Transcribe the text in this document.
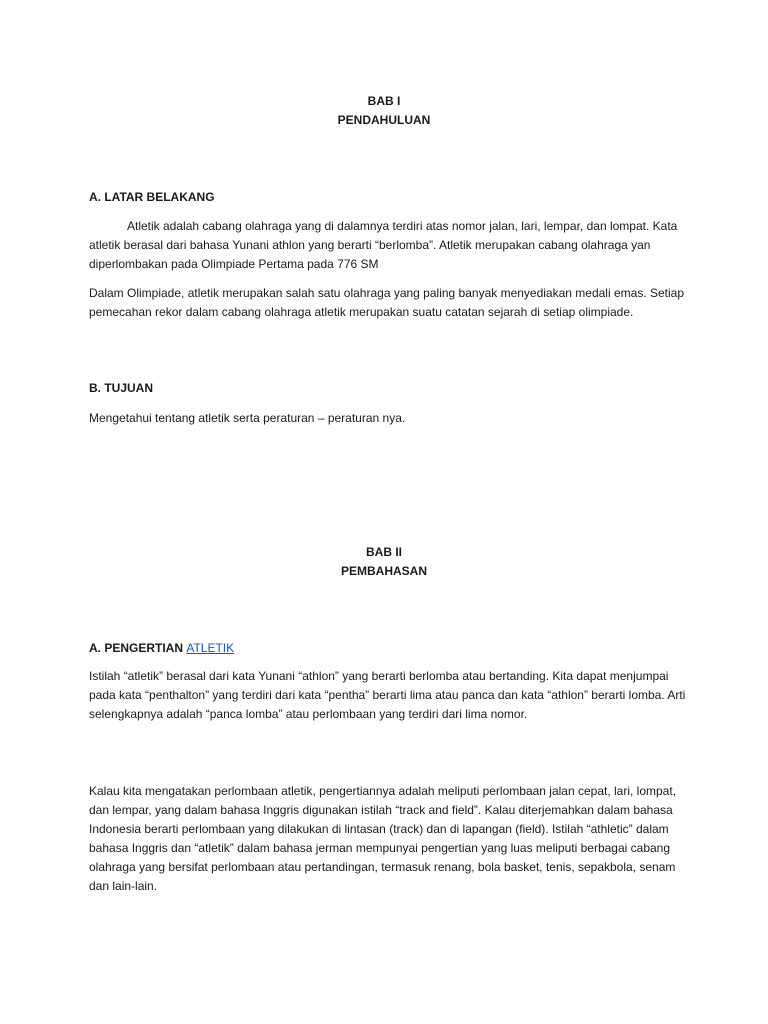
BAB I
PENDAHULUAN
A. LATAR BELAKANG

Atletik adalah cabang olahraga yang di dalamnya terdiri atas nomor jalan, lari, lempar, dan lompat. Kata atletik berasal dari bahasa Yunani athlon yang berarti “berlomba”. Atletik merupakan cabang olahraga yan diperlombakan pada Olimpiade Pertama pada 776 SM

Dalam Olimpiade, atletik merupakan salah satu olahraga yang paling banyak menyediakan medali emas. Setiap pemecahan rekor dalam cabang olahraga atletik merupakan suatu catatan sejarah di setiap olimpiade.

B. TUJUAN

Mengetahui tentang atletik serta peraturan – peraturan nya.

BAB II
PEMBAHASAN
A. PENGERTIAN ATLETIK

Istilah “atletik” berasal dari kata Yunani “athlon” yang berarti berlomba atau bertanding. Kita dapat menjumpai pada kata “penthalton” yang terdiri dari kata “pentha” berarti lima atau panca dan kata “athlon” berarti lomba. Arti selengkapnya adalah “panca lomba” atau perlombaan yang terdiri dari lima nomor.

Kalau kita mengatakan perlombaan atletik, pengertiannya adalah meliputi perlombaan jalan cepat, lari, lompat, dan lempar, yang dalam bahasa Inggris digunakan istilah “track and field”. Kalau diterjemahkan dalam bahasa Indonesia berarti perlombaan yang dilakukan di lintasan (track) dan di lapangan (field). Istilah “athletic” dalam bahasa Inggris dan “atletik” dalam bahasa jerman mempunyai pengertian yang luas meliputi berbagai cabang olahraga yang bersifat perlombaan atau pertandingan, termasuk renang, bola basket, tenis, sepakbola, senam dan lain-lain.
